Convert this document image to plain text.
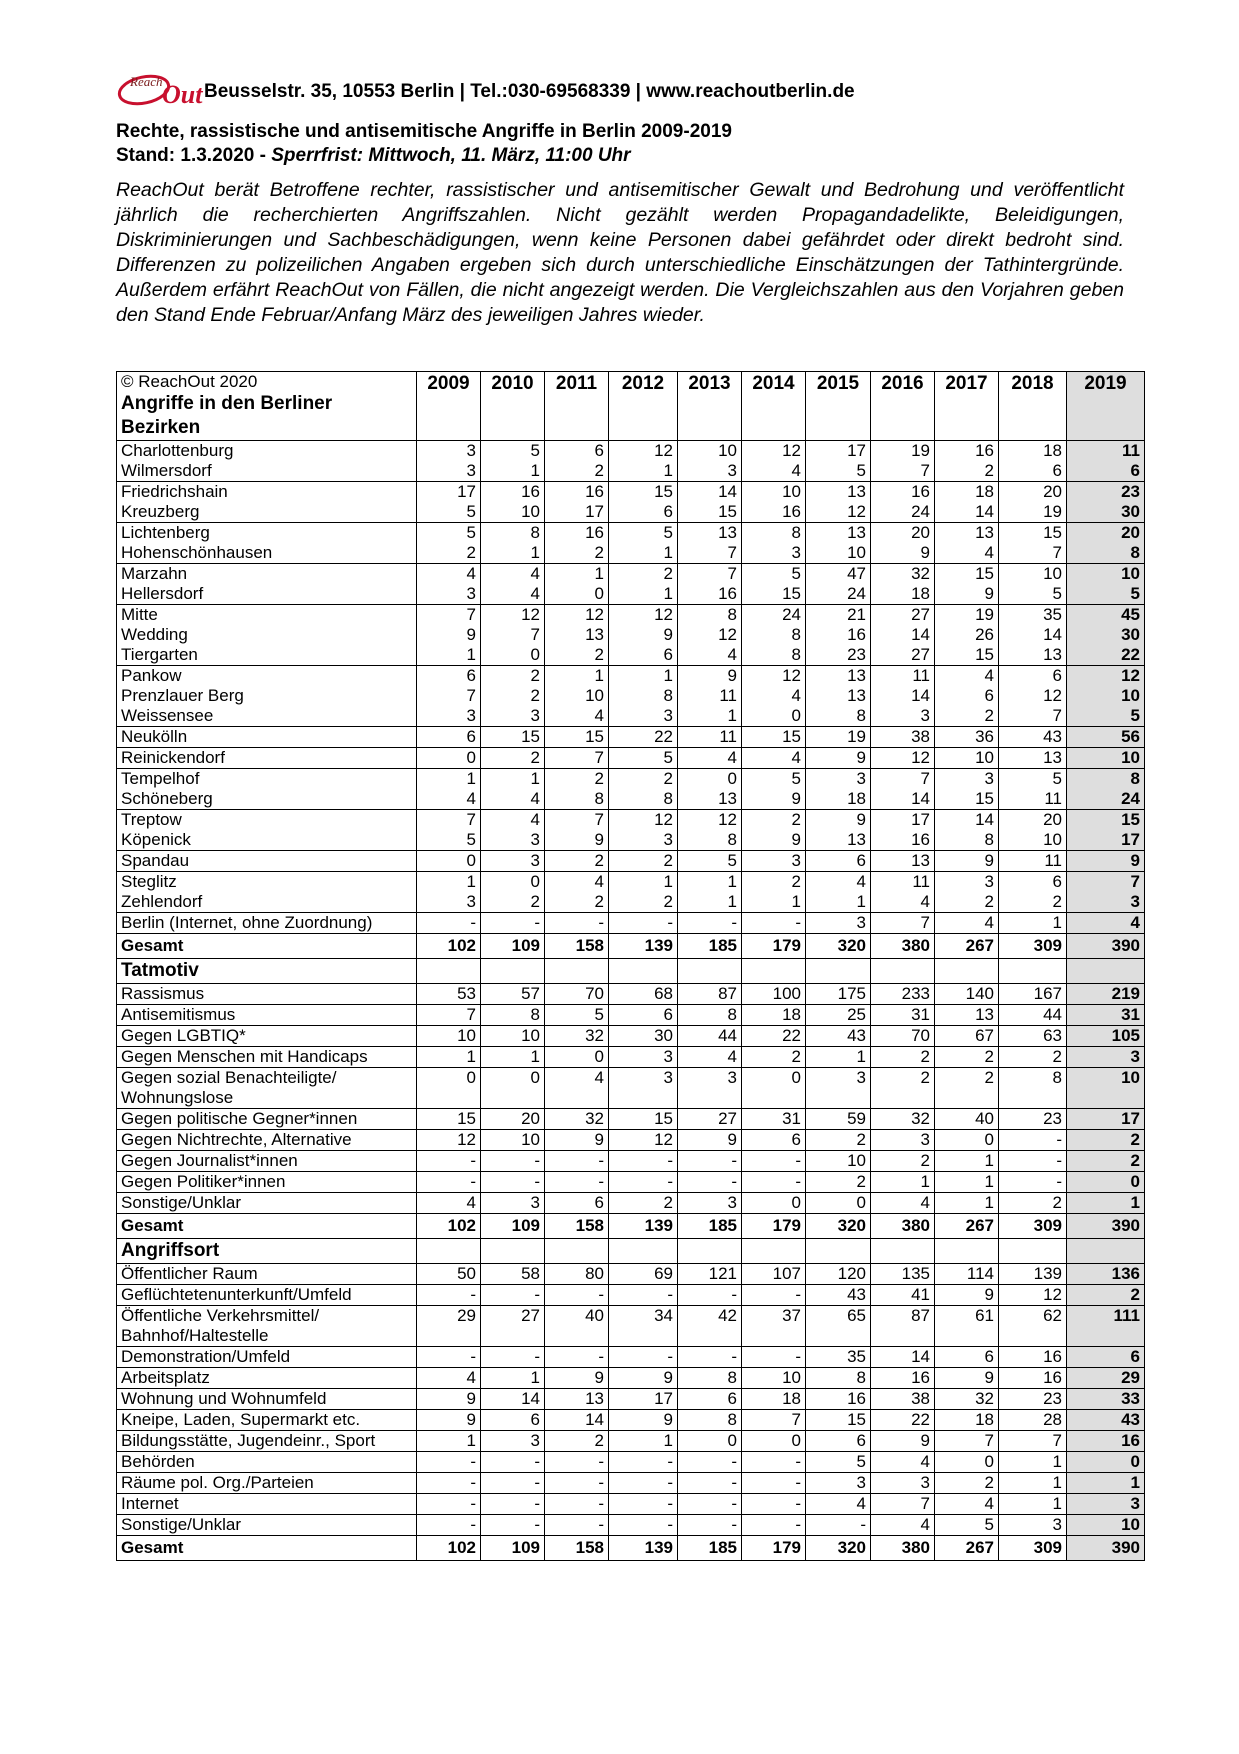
Reach Out Beusselstr. 35, 10553 Berlin | Tel.:030-69568339 | www.reachoutberlin.de
Rechte, rassistische und antisemitische Angriffe in Berlin 2009-2019
Stand: 1.3.2020 - Sperrfrist: Mittwoch, 11. März, 11:00 Uhr
ReachOut berät Betroffene rechter, rassistischer und antisemitischer Gewalt und Bedrohung und veröffentlicht jährlich die recherchierten Angriffszahlen. Nicht gezählt werden Propagandadelikte, Beleidigungen, Diskriminierungen und Sachbeschädigungen, wenn keine Personen dabei gefährdet oder direkt bedroht sind. Differenzen zu polizeilichen Angaben ergeben sich durch unterschiedliche Einschätzungen der Tathintergründe. Außerdem erfährt ReachOut von Fällen, die nicht angezeigt werden. Die Vergleichszahlen aus den Vorjahren geben den Stand Ende Februar/Anfang März des jeweiligen Jahres wieder.
© ReachOut 2020
Angriffe in den Berliner Bezirken	2009	2010	2011	2012	2013	2014	2015	2016	2017	2018	2019
Charlottenburg	3	5	6	12	10	12	17	19	16	18	11
Wilmersdorf	3	1	2	1	3	4	5	7	2	6	6
Friedrichshain	17	16	16	15	14	10	13	16	18	20	23
Kreuzberg	5	10	17	6	15	16	12	24	14	19	30
Lichtenberg	5	8	16	5	13	8	13	20	13	15	20
Hohenschönhausen	2	1	2	1	7	3	10	9	4	7	8
Marzahn	4	4	1	2	7	5	47	32	15	10	10
Hellersdorf	3	4	0	1	16	15	24	18	9	5	5
Mitte	7	12	12	12	8	24	21	27	19	35	45
Wedding	9	7	13	9	12	8	16	14	26	14	30
Tiergarten	1	0	2	6	4	8	23	27	15	13	22
Pankow	6	2	1	1	9	12	13	11	4	6	12
Prenzlauer Berg	7	2	10	8	11	4	13	14	6	12	10
Weissensee	3	3	4	3	1	0	8	3	2	7	5
Neukölln	6	15	15	22	11	15	19	38	36	43	56
Reinickendorf	0	2	7	5	4	4	9	12	10	13	10
Tempelhof	1	1	2	2	0	5	3	7	3	5	8
Schöneberg	4	4	8	8	13	9	18	14	15	11	24
Treptow	7	4	7	12	12	2	9	17	14	20	15
Köpenick	5	3	9	3	8	9	13	16	8	10	17
Spandau	0	3	2	2	5	3	6	13	9	11	9
Steglitz	1	0	4	1	1	2	4	11	3	6	7
Zehlendorf	3	2	2	2	1	1	1	4	2	2	3
Berlin (Internet, ohne Zuordnung)	-	-	-	-	-	-	3	7	4	1	4
Gesamt	102	109	158	139	185	179	320	380	267	309	390
Tatmotiv											
Rassismus	53	57	70	68	87	100	175	233	140	167	219
Antisemitismus	7	8	5	6	8	18	25	31	13	44	31
Gegen LGBTIQ*	10	10	32	30	44	22	43	70	67	63	105
Gegen Menschen mit Handicaps	1	1	0	3	4	2	1	2	2	2	3
Gegen sozial Benachteiligte/ Wohnungslose	0	0	4	3	3	0	3	2	2	8	10
Gegen politische Gegner*innen	15	20	32	15	27	31	59	32	40	23	17
Gegen Nichtrechte, Alternative	12	10	9	12	9	6	2	3	0	-	2
Gegen Journalist*innen	-	-	-	-	-	-	10	2	1	-	2
Gegen Politiker*innen	-	-	-	-	-	-	2	1	1	-	0
Sonstige/Unklar	4	3	6	2	3	0	0	4	1	2	1
Gesamt	102	109	158	139	185	179	320	380	267	309	390
Angriffsort											
Öffentlicher Raum	50	58	80	69	121	107	120	135	114	139	136
Geflüchtetenunterkunft/Umfeld	-	-	-	-	-	-	43	41	9	12	2
Öffentliche Verkehrsmittel/ Bahnhof/Haltestelle	29	27	40	34	42	37	65	87	61	62	111
Demonstration/Umfeld	-	-	-	-	-	-	35	14	6	16	6
Arbeitsplatz	4	1	9	9	8	10	8	16	9	16	29
Wohnung und Wohnumfeld	9	14	13	17	6	18	16	38	32	23	33
Kneipe, Laden, Supermarkt etc.	9	6	14	9	8	7	15	22	18	28	43
Bildungsstätte, Jugendeinr., Sport	1	3	2	1	0	0	6	9	7	7	16
Behörden	-	-	-	-	-	-	5	4	0	1	0
Räume pol. Org./Parteien	-	-	-	-	-	-	3	3	2	1	1
Internet	-	-	-	-	-	-	4	7	4	1	3
Sonstige/Unklar	-	-	-	-	-	-	-	4	5	3	10
Gesamt	102	109	158	139	185	179	320	380	267	309	390
